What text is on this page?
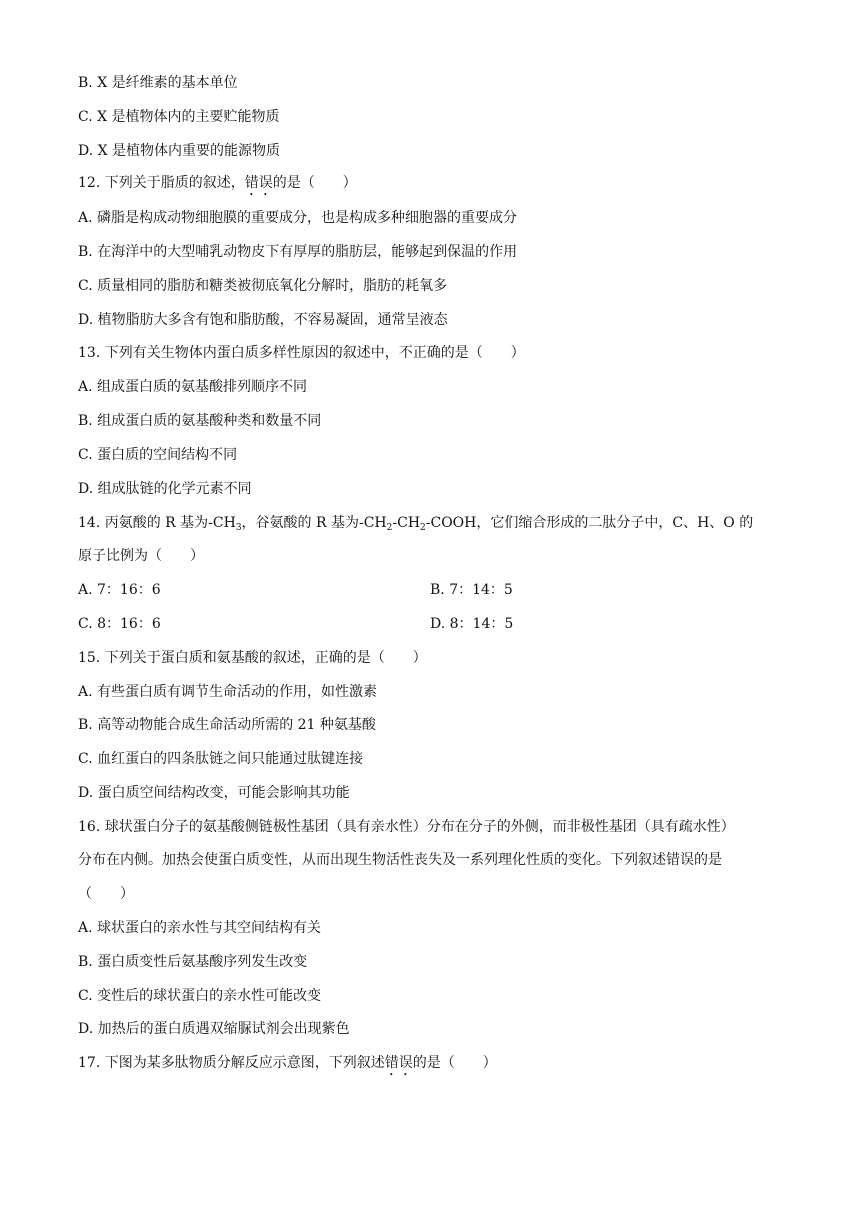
B. X 是纤维素的基本单位

C. X 是植物体内的主要贮能物质

D. X 是植物体内重要的能源物质

12. 下列关于脂质的叙述，错误的是（　　）

A. 磷脂是构成动物细胞膜的重要成分，也是构成多种细胞器的重要成分

B. 在海洋中的大型哺乳动物皮下有厚厚的脂肪层，能够起到保温的作用

C. 质量相同的脂肪和糖类被彻底氧化分解时，脂肪的耗氧多

D. 植物脂肪大多含有饱和脂肪酸，不容易凝固，通常呈液态

13. 下列有关生物体内蛋白质多样性原因的叙述中，不正确的是（　　）

A. 组成蛋白质的氨基酸排列顺序不同

B. 组成蛋白质的氨基酸种类和数量不同

C. 蛋白质的空间结构不同

D. 组成肽链的化学元素不同

14. 丙氨酸的 R 基为$-CH_3$，谷氨酸的 R 基为$-CH_2-CH_2$-COOH，它们缩合形成的二肽分子中，C、H、O 的

原子比例为（　　）

A. 7：16：6	B. 7：14：5

C. 8：16：6	D. 8：14：5

15. 下列关于蛋白质和氨基酸的叙述，正确的是（　　）

A. 有些蛋白质有调节生命活动的作用，如性激素

B. 高等动物能合成生命活动所需的 21 种氨基酸

C. 血红蛋白的四条肽链之间只能通过肽键连接

D. 蛋白质空间结构改变，可能会影响其功能

16. 球状蛋白分子的氨基酸侧链极性基团（具有亲水性）分布在分子的外侧，而非极性基团（具有疏水性）

分布在内侧。加热会使蛋白质变性，从而出现生物活性丧失及一系列理化性质的变化。下列叙述错误的是

（　　）

A. 球状蛋白的亲水性与其空间结构有关

B. 蛋白质变性后氨基酸序列发生改变

C. 变性后的球状蛋白的亲水性可能改变

D. 加热后的蛋白质遇双缩脲试剂会出现紫色

17. 下图为某多肽物质分解反应示意图，下列叙述错误的是（　　）
